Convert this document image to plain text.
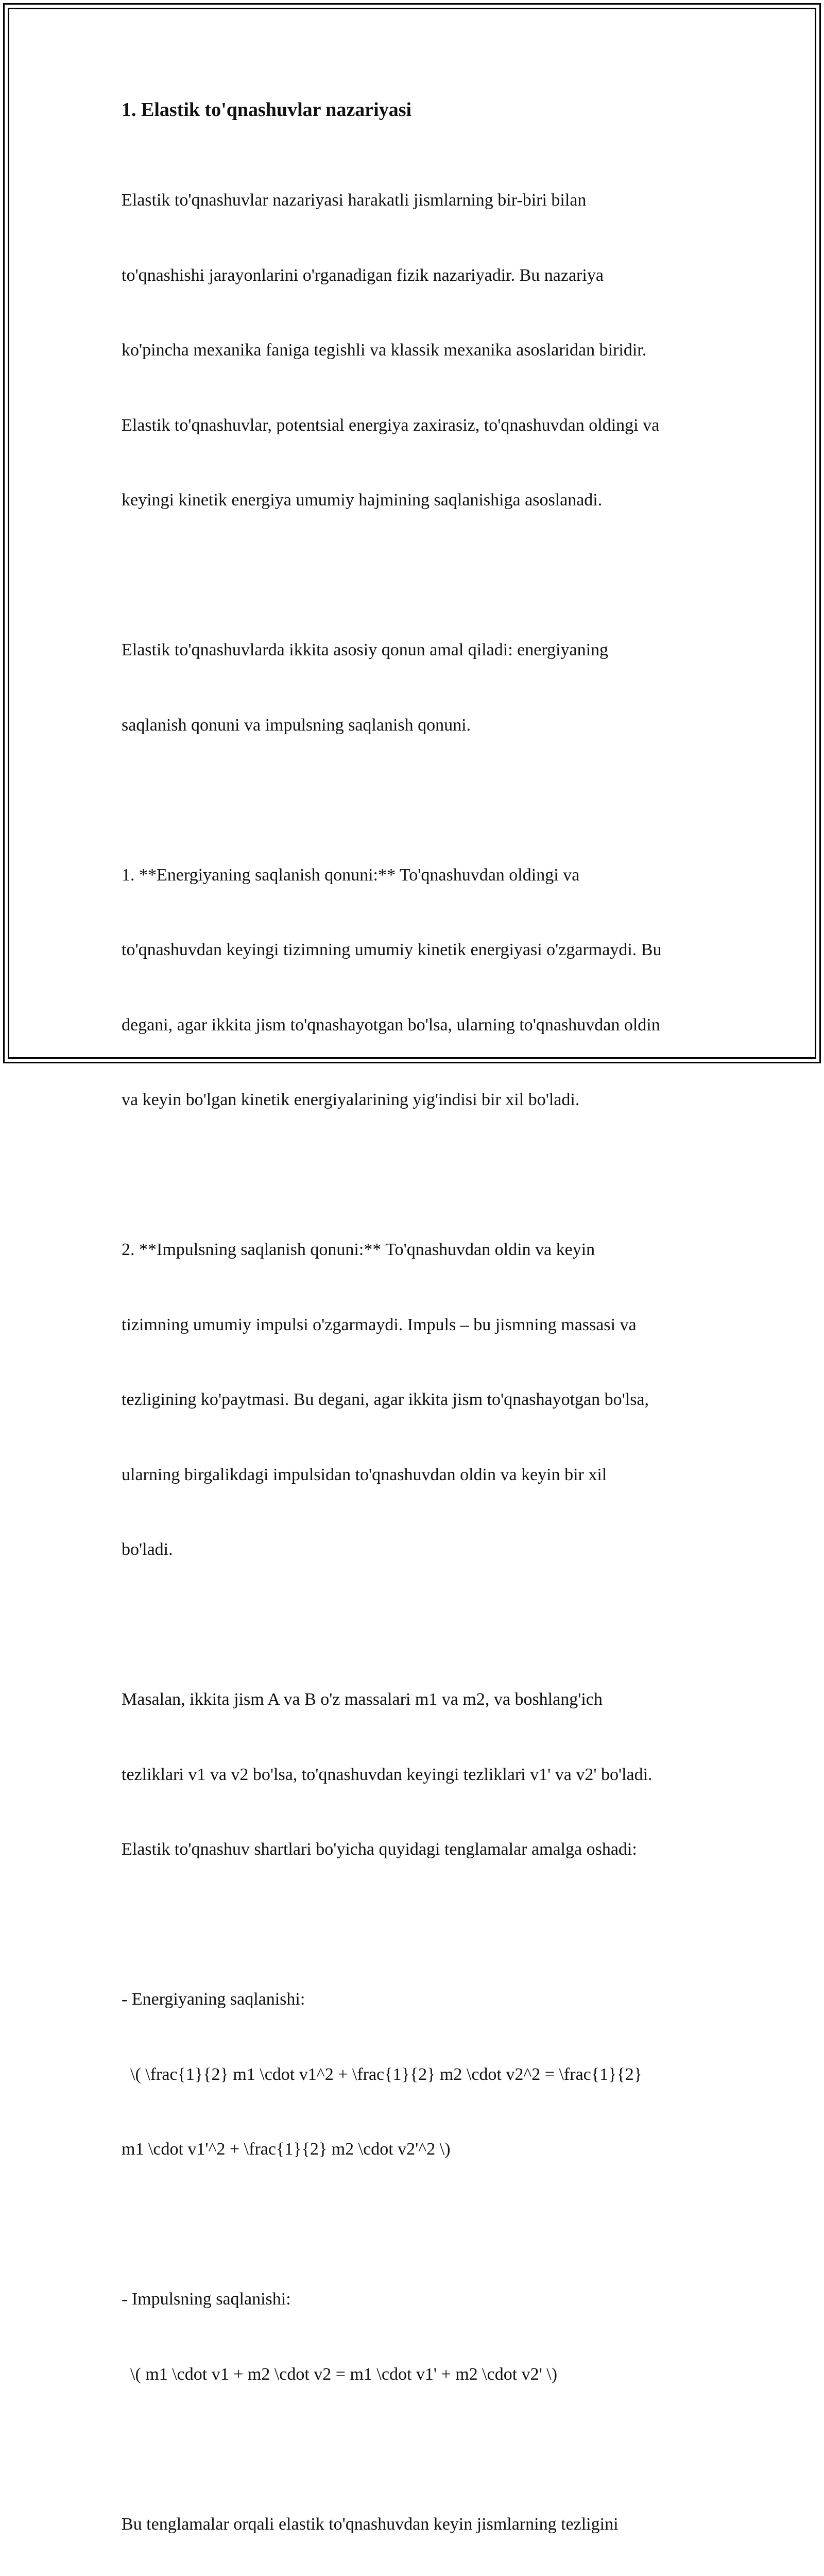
1. Elastik to'qnashuvlar nazariyasi

Elastik to'qnashuvlar nazariyasi harakatli jismlarning bir-biri bilan

to'qnashishi jarayonlarini o'rganadigan fizik nazariyadir. Bu nazariya

ko'pincha mexanika faniga tegishli va klassik mexanika asoslaridan biridir.

Elastik to'qnashuvlar, potentsial energiya zaxirasiz, to'qnashuvdan oldingi va

keyingi kinetik energiya umumiy hajmining saqlanishiga asoslanadi.

Elastik to'qnashuvlarda ikkita asosiy qonun amal qiladi: energiyaning

saqlanish qonuni va impulsning saqlanish qonuni.

1. **Energiyaning saqlanish qonuni:** To'qnashuvdan oldingi va

to'qnashuvdan keyingi tizimning umumiy kinetik energiyasi o'zgarmaydi. Bu

degani, agar ikkita jism to'qnashayotgan bo'lsa, ularning to'qnashuvdan oldin

va keyin bo'lgan kinetik energiyalarining yig'indisi bir xil bo'ladi.

2. **Impulsning saqlanish qonuni:** To'qnashuvdan oldin va keyin

tizimning umumiy impulsi o'zgarmaydi. Impuls – bu jismning massasi va

tezligining ko'paytmasi. Bu degani, agar ikkita jism to'qnashayotgan bo'lsa,

ularning birgalikdagi impulsidan to'qnashuvdan oldin va keyin bir xil

bo'ladi.

Masalan, ikkita jism A va B o'z massalari m1 va m2, va boshlang'ich

tezliklari v1 va v2 bo'lsa, to'qnashuvdan keyingi tezliklari v1' va v2' bo'ladi.

Elastik to'qnashuv shartlari bo'yicha quyidagi tenglamalar amalga oshadi:

- Energiyaning saqlanishi:

\( \frac{1}{2} m1 \cdot v1^2 + \frac{1}{2} m2 \cdot v2^2 = \frac{1}{2}

m1 \cdot v1'^2 + \frac{1}{2} m2 \cdot v2'^2 \)

- Impulsning saqlanishi:

\( m1 \cdot v1 + m2 \cdot v2 = m1 \cdot v1' + m2 \cdot v2' \)

Bu tenglamalar orqali elastik to'qnashuvdan keyin jismlarning tezligini
